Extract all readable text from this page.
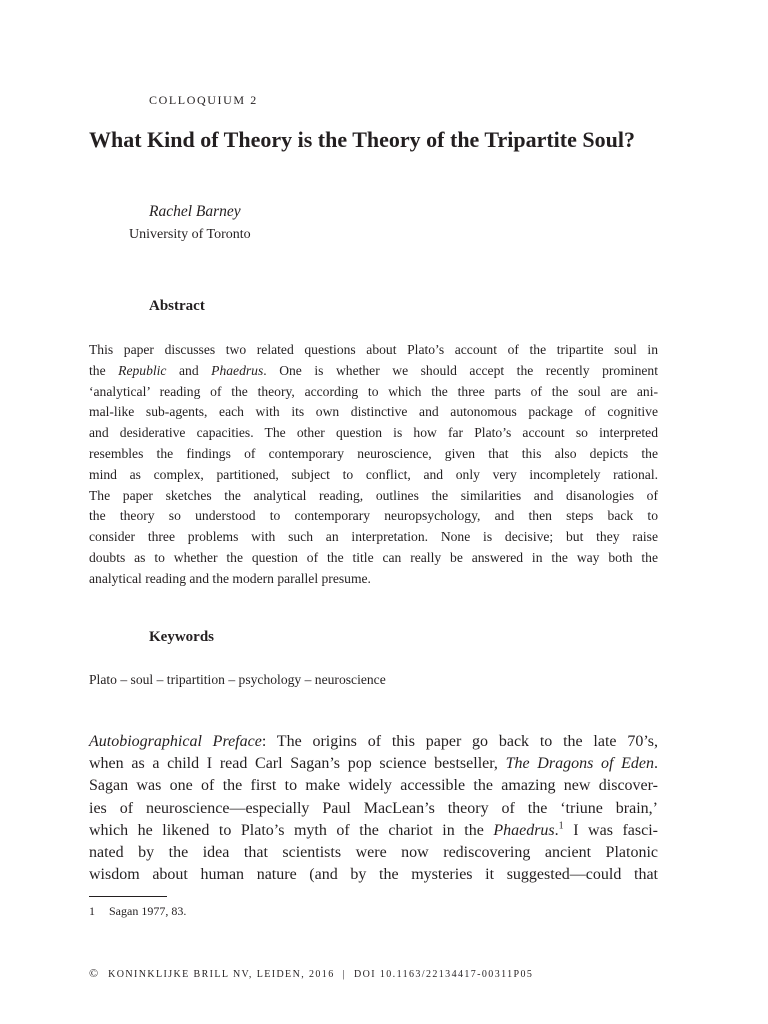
COLLOQUIUM 2
What Kind of Theory is the Theory of the Tripartite Soul?
Rachel Barney
University of Toronto
Abstract
This paper discusses two related questions about Plato’s account of the tripartite soul in
the Republic and Phaedrus. One is whether we should accept the recently prominent
‘analytical’ reading of the theory, according to which the three parts of the soul are ani-
mal-like sub-agents, each with its own distinctive and autonomous package of cognitive
and desiderative capacities. The other question is how far Plato’s account so interpreted
resembles the findings of contemporary neuroscience, given that this also depicts the
mind as complex, partitioned, subject to conflict, and only very incompletely rational.
The paper sketches the analytical reading, outlines the similarities and disanologies of
the theory so understood to contemporary neuropsychology, and then steps back to
consider three problems with such an interpretation. None is decisive; but they raise
doubts as to whether the question of the title can really be answered in the way both the
analytical reading and the modern parallel presume.
Keywords
Plato – soul – tripartition – psychology – neuroscience
Autobiographical Preface: The origins of this paper go back to the late 70’s,
when as a child I read Carl Sagan’s pop science bestseller, The Dragons of Eden.
Sagan was one of the first to make widely accessible the amazing new discover-
ies of neuroscience—especially Paul MacLean’s theory of the ‘triune brain,’
which he likened to Plato’s myth of the chariot in the Phaedrus.$^1$ I was fasci-
nated by the idea that scientists were now rediscovering ancient Platonic
wisdom about human nature (and by the mysteries it suggested—could that
1 Sagan 1977, 83.
© KONINKLIJKE BRILL NV, LEIDEN, 2016 | DOI 10.1163/22134417-00311P05
